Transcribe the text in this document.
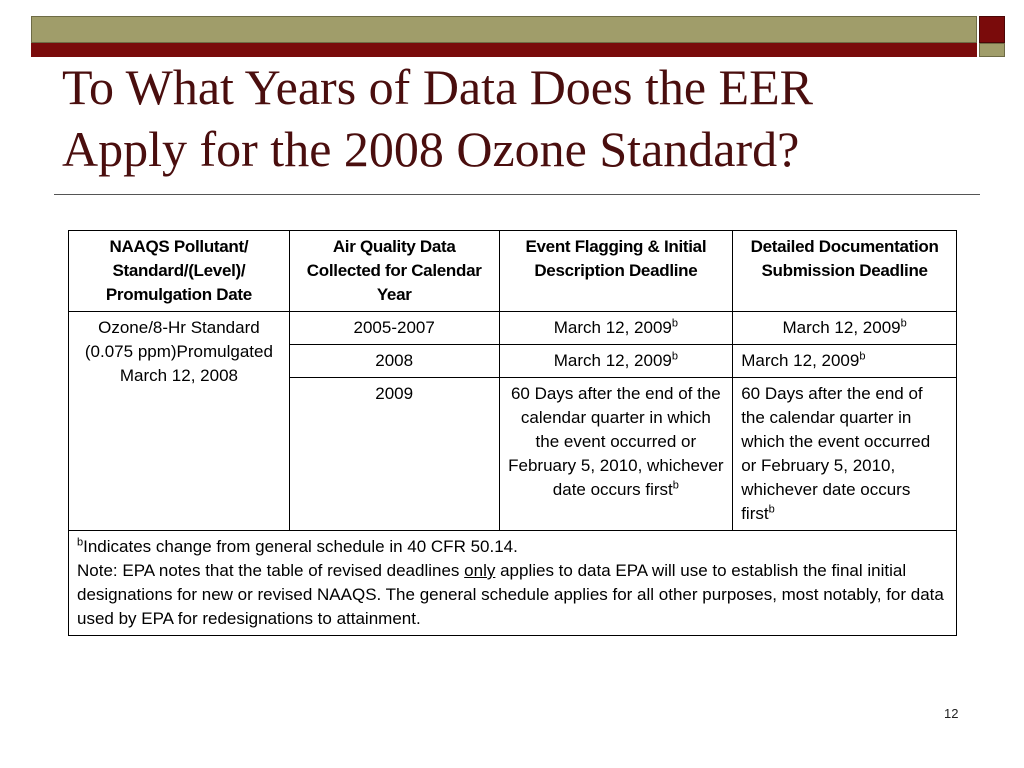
To What Years of Data Does the EER
Apply for the 2008 Ozone Standard?
NAAQS Pollutant/ Standard/(Level)/ Promulgation Date	Air Quality Data Collected for Calendar Year	Event Flagging & Initial Description Deadline	Detailed Documentation Submission Deadline
Ozone/8-Hr Standard (0.075 ppm)Promulgated March 12, 2008	2005-2007	March 12, 2009$^b$	March 12, 2009$^b$
	2008	March 12, 2009$^b$	March 12, 2009$^b$
	2009	60 Days after the end of the calendar quarter in which the event occurred or February 5, 2010, whichever date occurs first$^b$	60 Days after the end of the calendar quarter in which the event occurred or February 5, 2010, whichever date occurs first$^b$

$^b$Indicates change from general schedule in 40 CFR 50.14.
Note: EPA notes that the table of revised deadlines only applies to data EPA will use to establish the final initial designations for new or revised NAAQS. The general schedule applies for all other purposes, most notably, for data used by EPA for redesignations to attainment.			
12
